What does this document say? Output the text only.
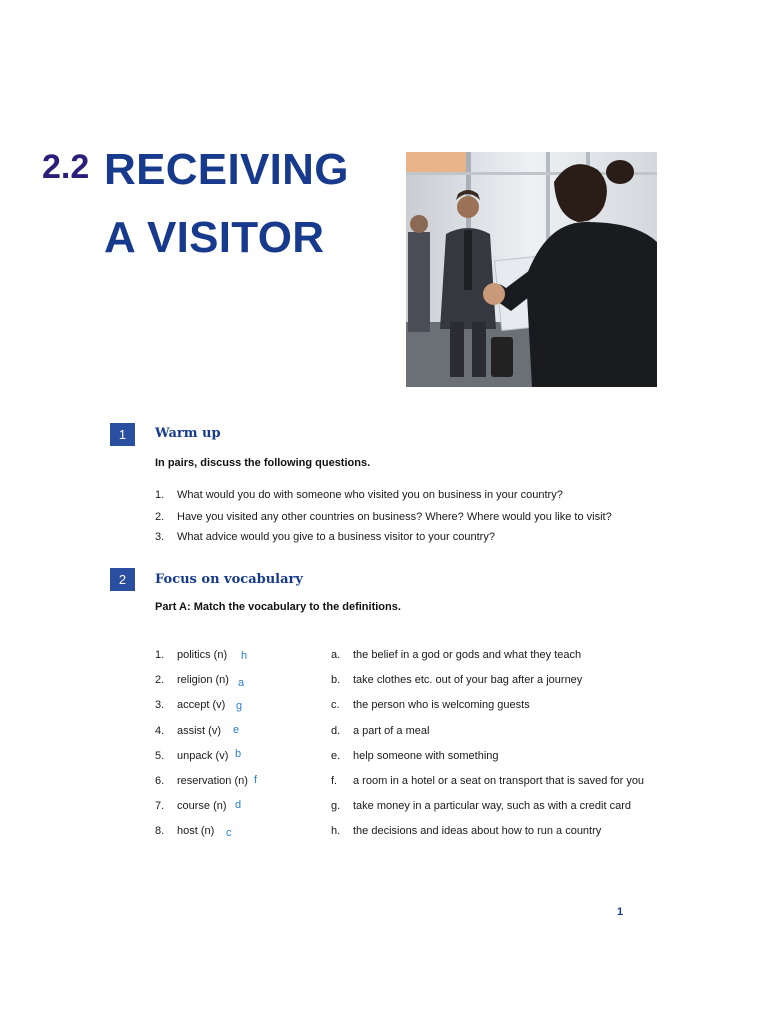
2.2 RECEIVING
A VISITOR
1	Warm up
In pairs, discuss the following questions.
1. What would you do with someone who visited you on business in your country?
2. Have you visited any other countries on business? Where? Where would you like to visit?
3. What advice would you give to a business visitor to your country?
2	Focus on vocabulary
Part A: Match the vocabulary to the definitions.
1. politics (n) h
2. religion (n) a
3. accept (v) g
4. assist (v) e
5. unpack (v) b
6. reservation (n) f
7. course (n) d
8. host (n) c
a. the belief in a god or gods and what they teach
b. take clothes etc. out of your bag after a journey
c. the person who is welcoming guests
d. a part of a meal
e. help someone with something
f. a room in a hotel or a seat on transport that is saved for you
g. take money in a particular way, such as with a credit card
h. the decisions and ideas about how to run a country
1
